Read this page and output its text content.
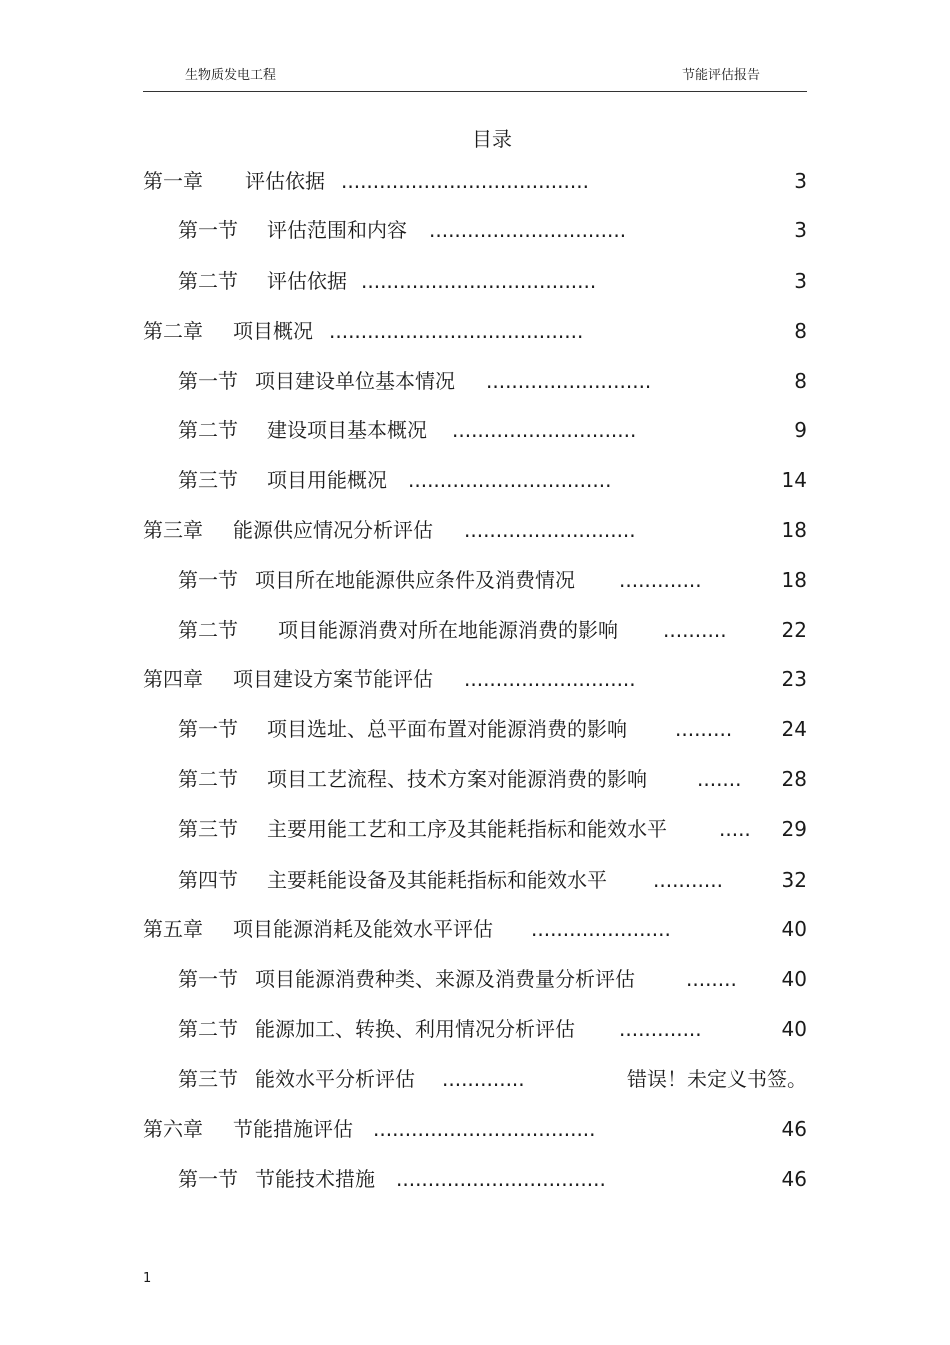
生物质发电工程	节能评估报告
目录
第一章 评估依据 .......................................	3
第一节 评估范围和内容 ...............................	3
第二节 评估依据 .....................................	3
第二章 项目概况 ........................................	8
第一节 项目建设单位基本情况 ..........................	8
第二节 建设项目基本概况 .............................	9
第三节 项目用能概况 ................................	14
第三章 能源供应情况分析评估 ...........................	18
第一节 项目所在地能源供应条件及消费情况 .............	18
第二节 项目能源消费对所在地能源消费的影响 ..........	22
第四章 项目建设方案节能评估 ...........................	23
第一节 项目选址、总平面布置对能源消费的影响 ......... 24
第二节 项目工艺流程、技术方案对能源消费的影响	....... 28
第三节 主要用能工艺和工序及其能耗指标和能效水平	..... 29
第四节 主要耗能设备及其能耗指标和能效水平 ...........	32
第五章 项目能源消耗及能效水平评估 ......................	40
第一节 项目能源消费种类、来源及消费量分析评估	........ 40
第二节 能源加工、转换、利用情况分析评估 .............	40
第三节 能效水平分析评估 .............	错误！未定义书签。
第六章 节能措施评估 ...................................	46
第一节 节能技术措施 .................................	46
1
